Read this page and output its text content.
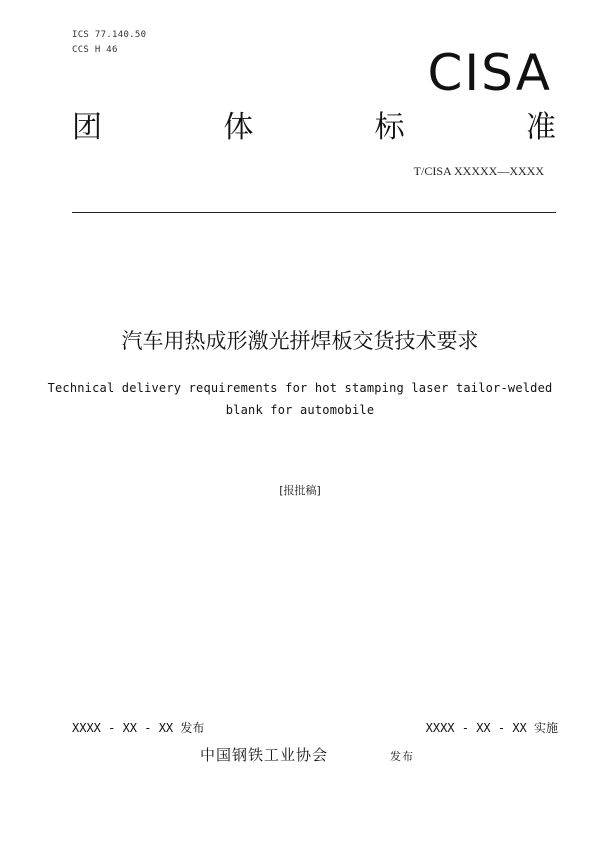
ICS 77.140.50
CCS H 46	CISA
团	体	标	准
T/CISA XXXXX—XXXX
汽车用热成形激光拼焊板交货技术要求
Technical delivery requirements for hot stamping laser tailor-welded
blank for automobile
[报批稿]
XXXX - XX - XX 发布	XXXX - XX - XX 实施
中国钢铁工业协会	发布
